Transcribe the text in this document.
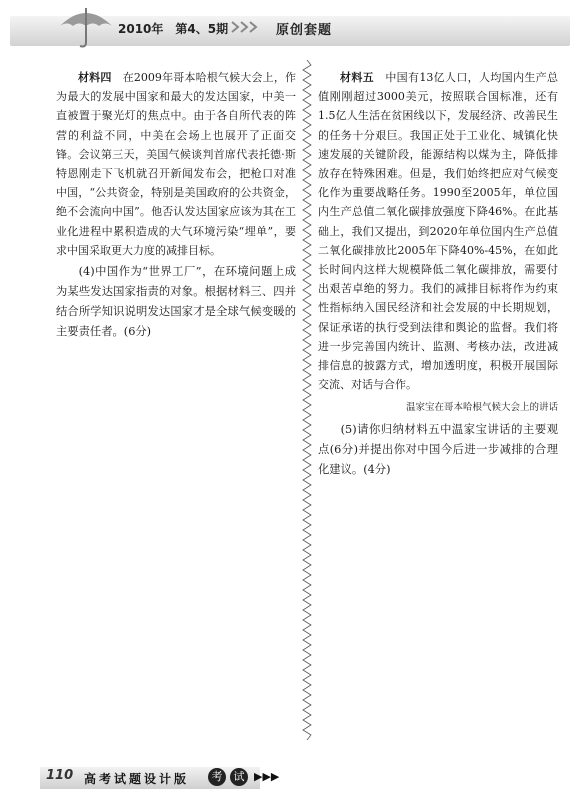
2010年　第4、5期	原创套题

材料四　 在2009年哥本哈根气候大会上，作为最大的发展中国家和最大的发达国家，中美一直被置于聚光灯的焦点中。由于各自所代表的阵营的利益不同，中美在会场上也展开了正面交锋。会议第三天，美国气候谈判首席代表托德·斯特恩刚走下飞机就召开新闻发布会，把枪口对准中国，“公共资金，特别是美国政府的公共资金，绝不会流向中国”。他否认发达国家应该为其在工业化进程中累积造成的大气环境污染“埋单”，要求中国采取更大力度的减排目标。

(4)中国作为“世界工厂”，在环境问题上成为某些发达国家指责的对象。根据材料三、四并结合所学知识说明发达国家才是全球气候变暖的主要责任者。(6分)

材料五　 中国有13亿人口，人均国内生产总值刚刚超过3000美元，按照联合国标准，还有1.5亿人生活在贫困线以下，发展经济、改善民生的任务十分艰巨。我国正处于工业化、城镇化快速发展的关键阶段，能源结构以煤为主，降低排放存在特殊困难。但是，我们始终把应对气候变化作为重要战略任务。1990至2005年，单位国内生产总值二氧化碳排放强度下降46%。在此基础上，我们又提出，到2020年单位国内生产总值二氧化碳排放比2005年下降40%-45%，在如此长时间内这样大规模降低二氧化碳排放，需要付出艰苦卓绝的努力。我们的减排目标将作为约束性指标纳入国民经济和社会发展的中长期规划，保证承诺的执行受到法律和舆论的监督。我们将进一步完善国内统计、监测、考核办法，改进减排信息的披露方式，增加透明度，积极开展国际交流、对话与合作。

温家宝在哥本哈根气候大会上的讲话

(5)请你归纳材料五中温家宝讲话的主要观点(6分)并提出你对中国今后进一步减排的合理化建议。(4分)

110 高考试题设计版	考	试 ▶▶▶
